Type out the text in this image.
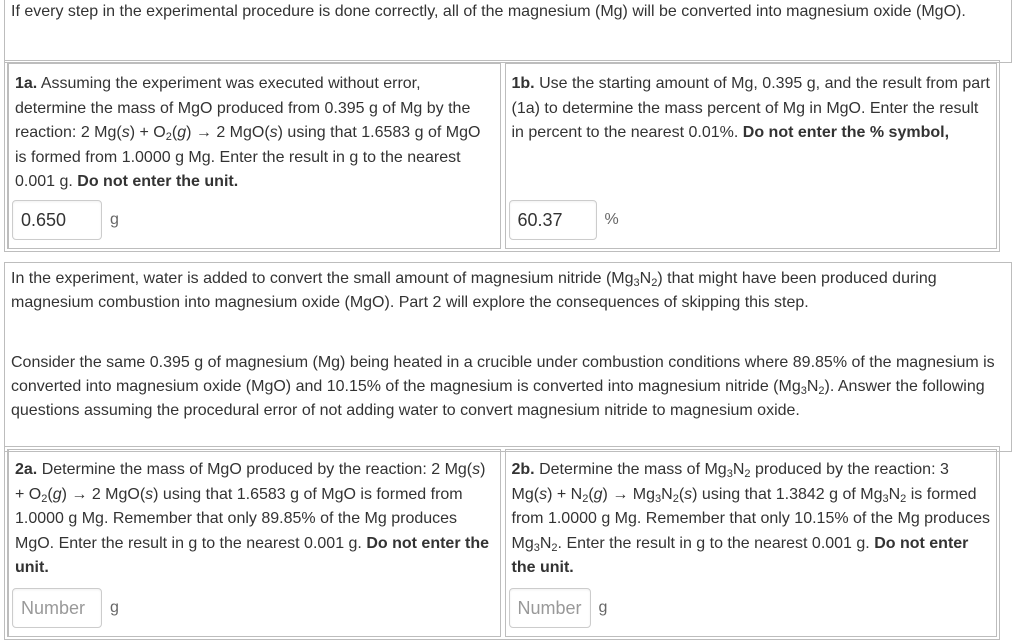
If every step in the experimental procedure is done correctly, all of the magnesium (Mg) will be converted into magnesium oxide (MgO).

1a. Assuming the experiment was executed without error, determine the mass of MgO produced from 0.395 g of Mg by the reaction: 2 $Mg(s) + O_2(g) \to 2$ MgO(s) using that 1.6583 g of MgO is formed from 1.0000 g Mg. Enter the result in g to the nearest 0.001 g. Do not enter the unit.
0.650
g
1b. Use the starting amount of Mg, 0.395 g, and the result from part (1a) to determine the mass percent of Mg in MgO. Enter the result in percent to the nearest 0.01%. Do not enter the % symbol,
60.37
%

In the experiment, water is added to convert the small amount of magnesium nitride $(Mg_3N_2)$ that might have been produced during magnesium combustion into magnesium oxide (MgO). Part 2 will explore the consequences of skipping this step.

Consider the same 0.395 g of magnesium (Mg) being heated in a crucible under combustion conditions where 89.85% of the magnesium is converted into magnesium oxide (MgO) and 10.15% of the magnesium is converted into magnesium nitride $(Mg_3N_2)$. Answer the following questions assuming the procedural error of not adding water to convert magnesium nitride to magnesium oxide.

2a. Determine the mass of MgO produced by the reaction: 2 $Mg(s) + O_2(g) \to 2$ MgO(s) using that 1.6583 g of MgO is formed from 1.0000 g Mg. Remember that only 89.85% of the Mg produces MgO. Enter the result in g to the nearest 0.001 g. Do not enter the unit.
Number
g
2b. Determine the mass of $Mg_3N_2$ produced by the reaction: 3 $Mg(s) + N_2(g) \to Mg_3N_2(s)$ using that 1.3842 g of $Mg_3N_2$ is formed from 1.0000 g Mg. Remember that only 10.15% of the Mg produces $Mg_3N_2$. Enter the result in g to the nearest 0.001 g. Do not enter the unit.
Number
g
